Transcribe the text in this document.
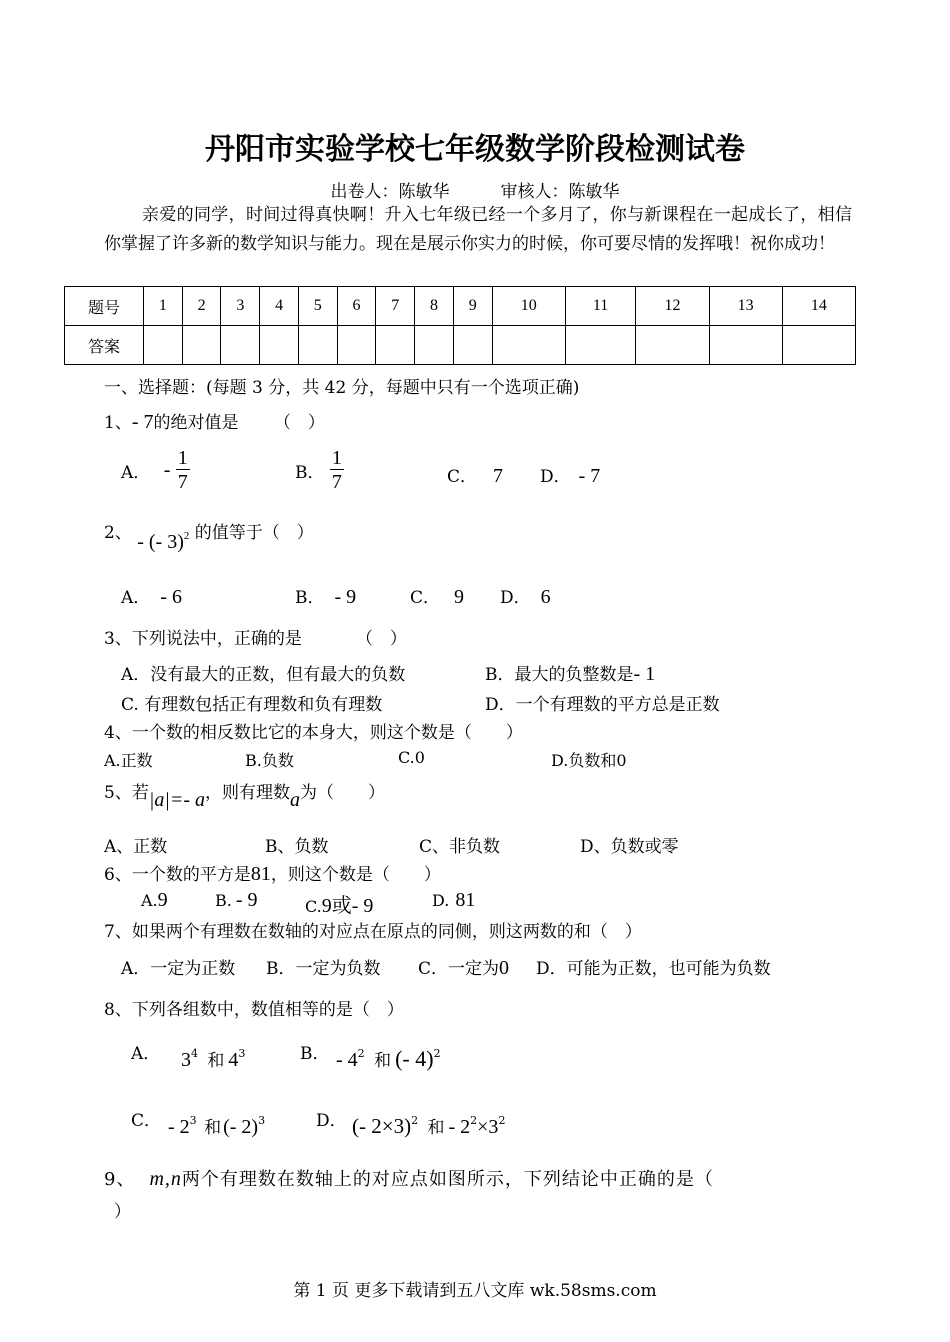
丹阳市实验学校七年级数学阶段检测试卷
出卷人：陈敏华　　　审核人：陈敏华
亲爱的同学，时间过得真快啊！升入七年级已经一个多月了，你与新课程在一起成长了，相信你掌握了许多新的数学知识与能力。现在是展示你实力的时候，你可要尽情的发挥哦！祝你成功！
题号	1	2	3	4	5	6	7	8	9	10	11	12	13	14
答案														
一、选择题：(每题 3 分，共 42 分，每题中只有一个选项正确)
1、- 7的绝对值是 （　）
A． - $\frac{1}{7}$	B． $\frac{1}{7}$	C． 7 D． - 7
2、 - (- 3)$^2$ 的值等于（　）
A． - 6	B． - 9	C． 9 D． 6
3、下列说法中，正确的是	（　）
A．没有最大的正数，但有最大的负数	B．最大的负整数是- 1
C. 有理数包括正有理数和负有理数	D．一个有理数的平方总是正数
4、一个数的相反数比它的本身大，则这个数是（　　）
A.正数	B.负数	C.0	D.负数和0
5、若|a|=- a，则有理数a为（　　）
A、正数	B、负数	C、非负数	D、负数或零
6、一个数的平方是81，则这个数是（　　）
A.9	B. - 9	C.9或- 9	D. 81
7、如果两个有理数在数轴的对应点在原点的同侧，则这两数的和（　）
A．一定为正数 B．一定为负数 C．一定为0 D．可能为正数，也可能为负数
8、下列各组数中，数值相等的是（　）
A． $3^4$ 和 $4^3$	B． - $4^2$ 和 (- 4)$^2$
C． - $2^3$ 和 (- 2)$^3$	D． (- 2×3)$^2$ 和 - $2^2\times 3^2$
9、 m,n两个有理数在数轴上的对应点如图所示，下列结论中正确的是（
）
第 1 页 更多下载请到五八文库 wk.58sms.com
